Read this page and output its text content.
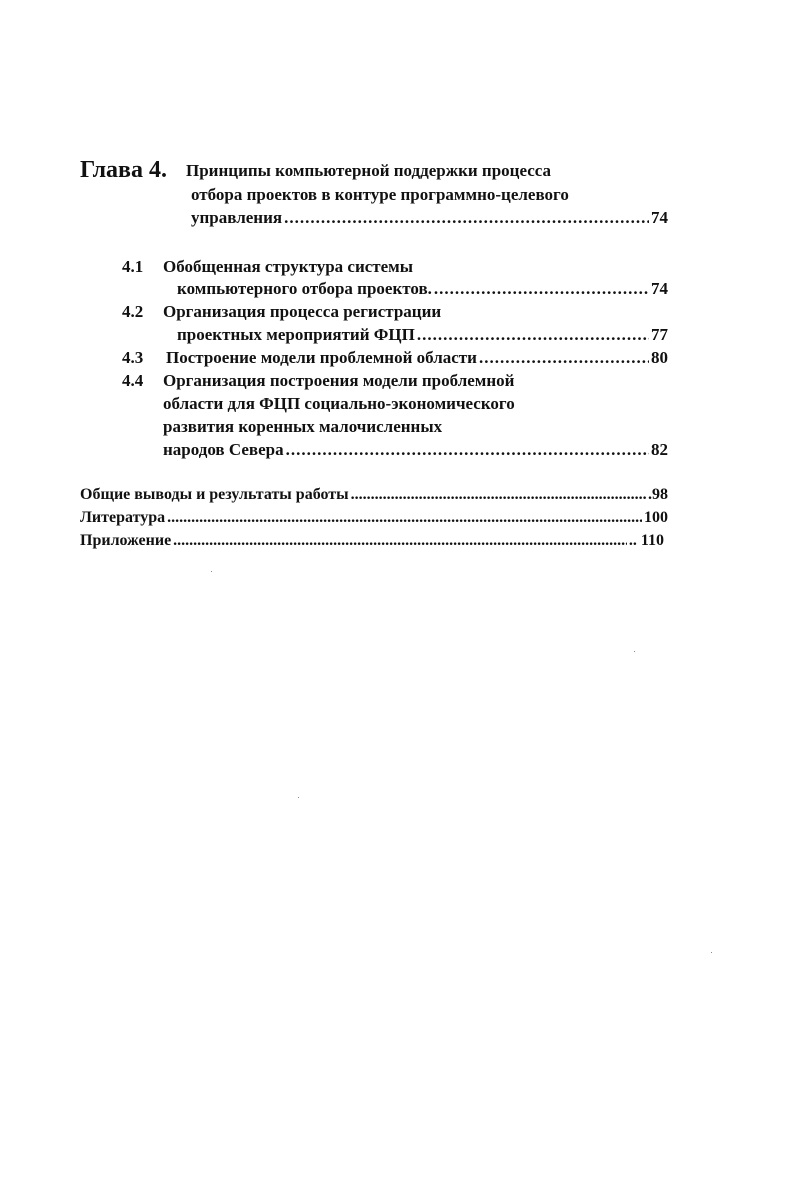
Глава 4. Принципы компьютерной поддержки процесса
отбора проектов в контуре программно-целевого
управления .....	74
4.1 Обобщенная структура системы
компьютерного отбора проектов. .....	74
4.2 Организация процесса регистрации
проектных мероприятий ФЦП .....	77
4.3 Построение модели проблемной области .....	80
4.4 Организация построения модели проблемной
области для ФЦП социально-экономического
развития коренных малочисленных
народов Севера .....	82
Общие выводы и результаты работы .....	.98
Литература .....	100
Приложение .....	.. 110
